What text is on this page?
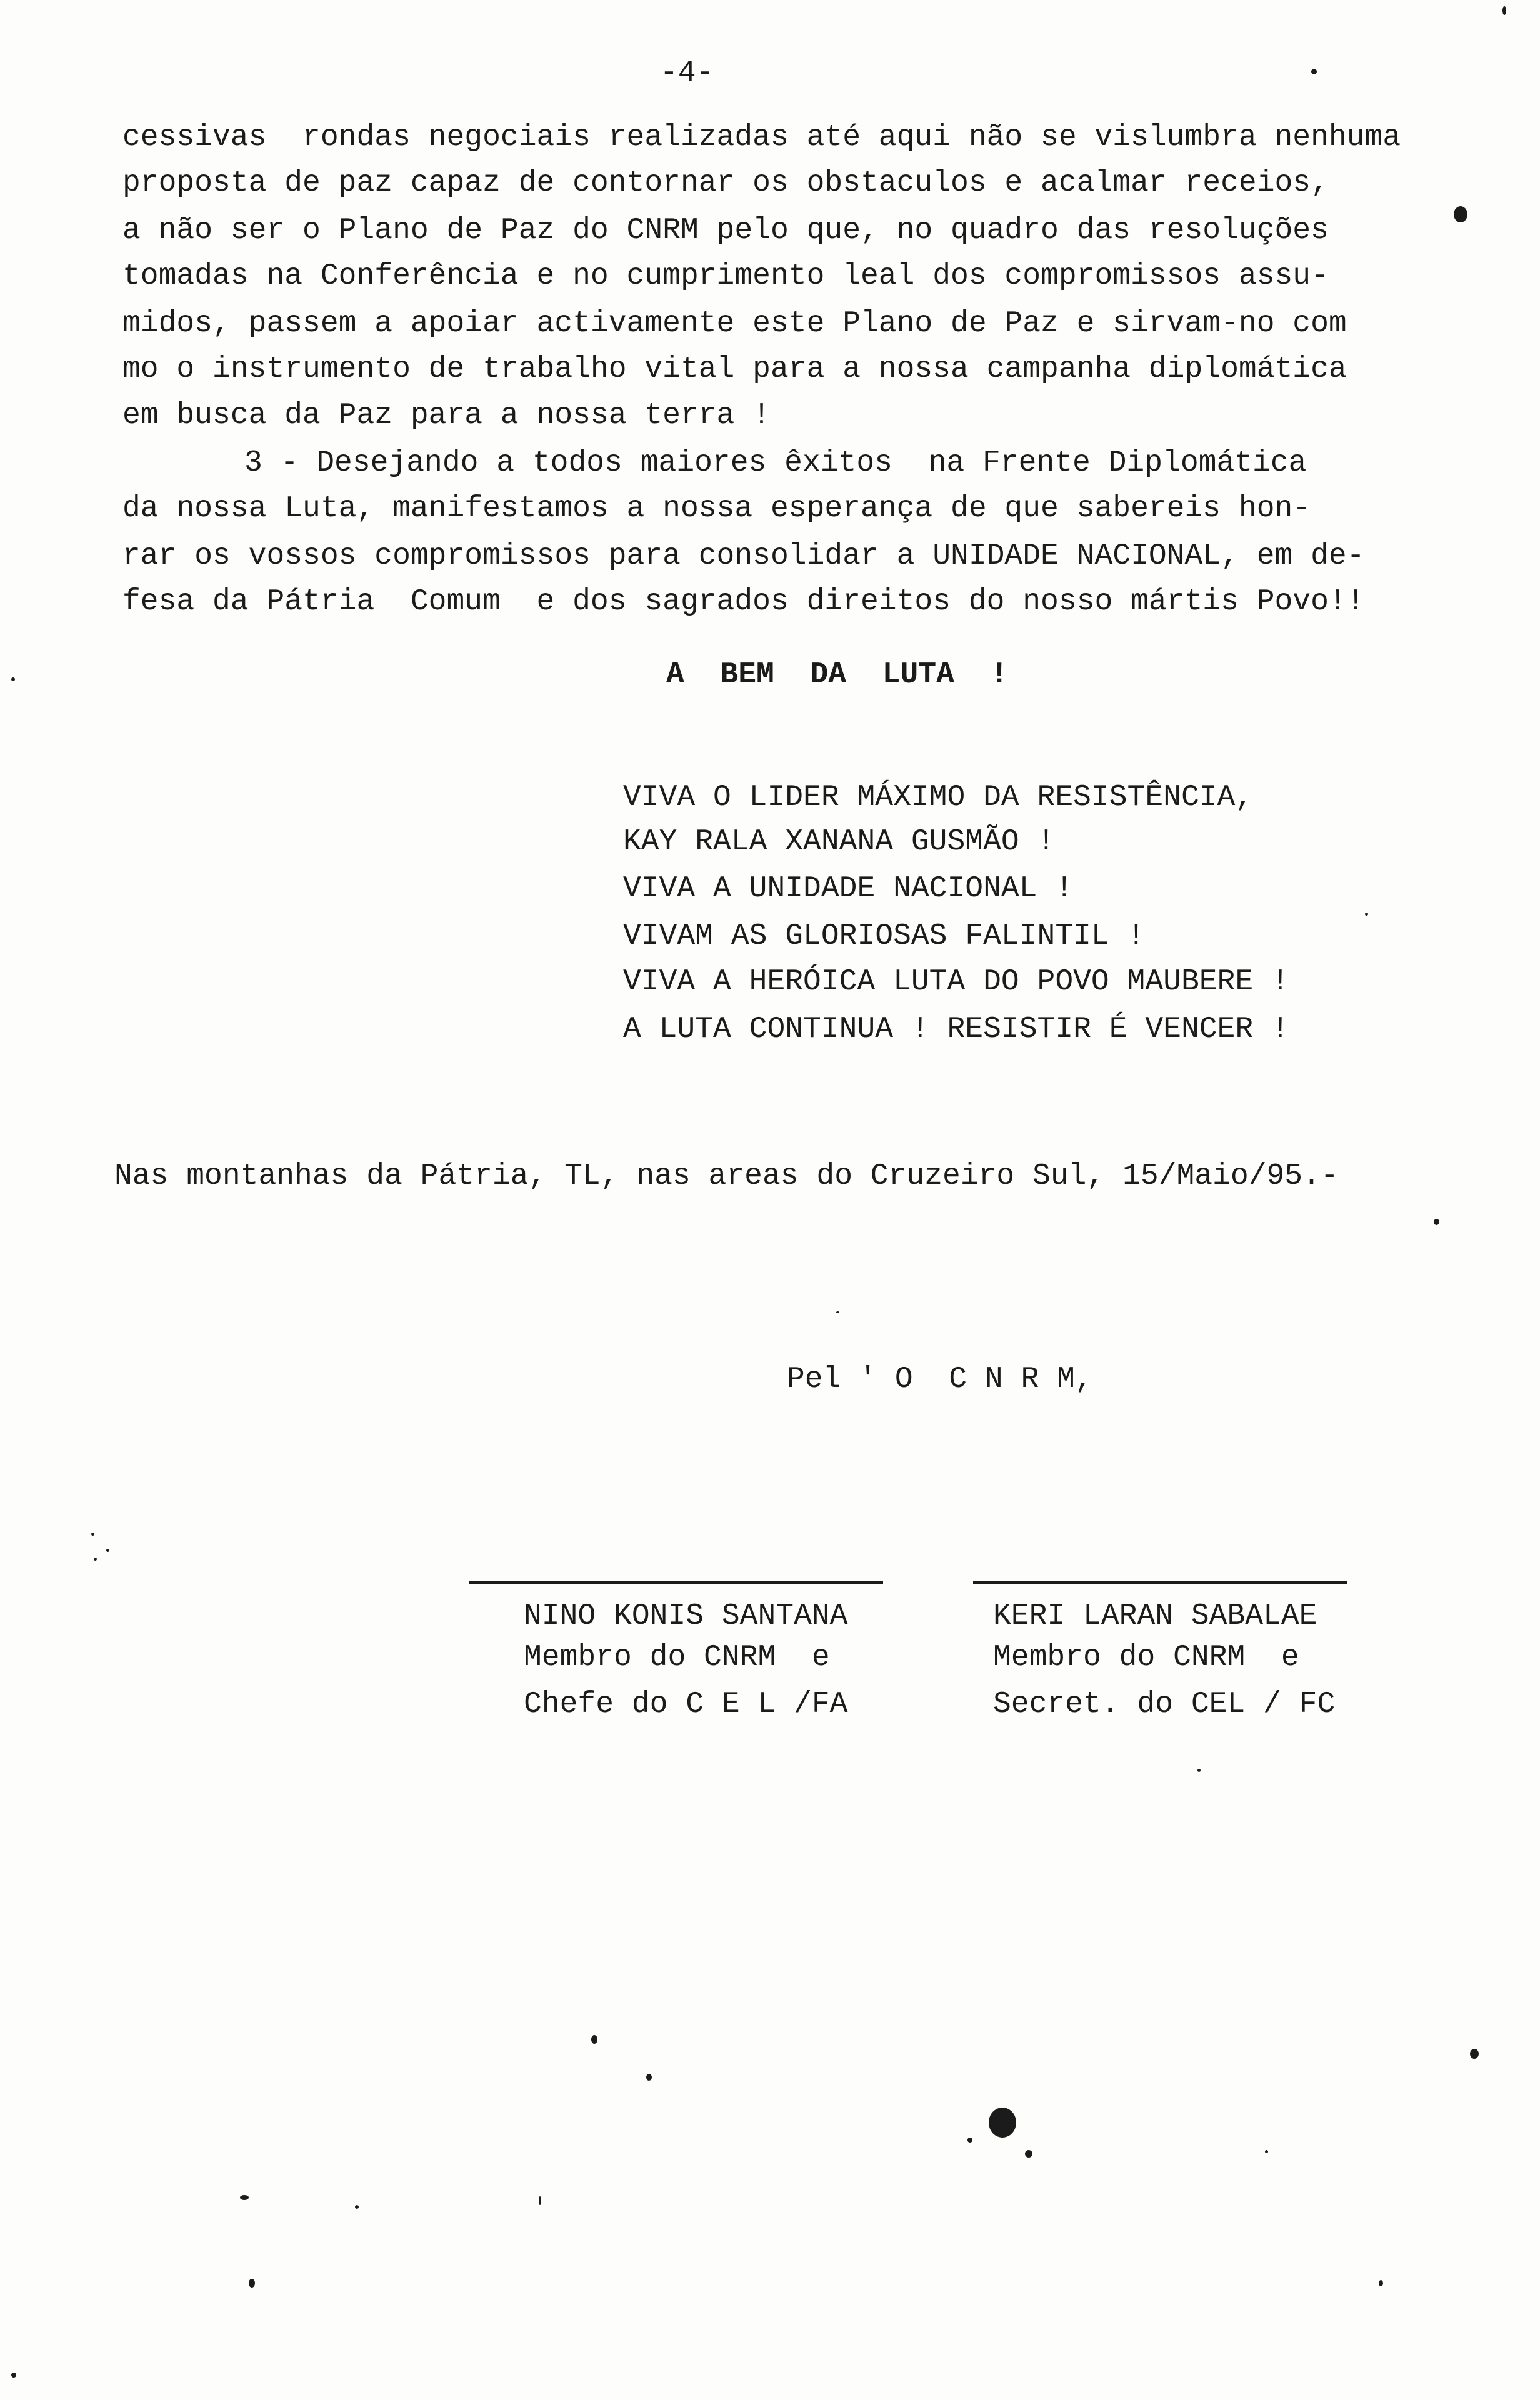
-4-
cessivas  rondas negociais realizadas até aqui não se vislumbra nenhuma
proposta de paz capaz de contornar os obstaculos e acalmar receios,
a não ser o Plano de Paz do CNRM pelo que, no quadro das resoluções
tomadas na Conferência e no cumprimento leal dos compromissos assu-
midos, passem a apoiar activamente este Plano de Paz e sirvam-no com
mo o instrumento de trabalho vital para a nossa campanha diplomática
em busca da Paz para a nossa terra !
3 - Desejando a todos maiores êxitos  na Frente Diplomática
da nossa Luta, manifestamos a nossa esperança de que sabereis hon-
rar os vossos compromissos para consolidar a UNIDADE NACIONAL, em de-
fesa da Pátria  Comum  e dos sagrados direitos do nosso mártis Povo!!
A  BEM  DA  LUTA  !
VIVA O LIDER MÁXIMO DA RESISTÊNCIA,
KAY RALA XANANA GUSMÃO !
VIVA A UNIDADE NACIONAL !
VIVAM AS GLORIOSAS FALINTIL !
VIVA A HERÓICA LUTA DO POVO MAUBERE !
A LUTA CONTINUA ! RESISTIR É VENCER !
Nas montanhas da Pátria, TL, nas areas do Cruzeiro Sul, 15/Maio/95.-
Pel ' O  C N R M,
NINO KONIS SANTANA
Membro do CNRM  e
Chefe do C E L /FA
KERI LARAN SABALAE
Membro do CNRM  e
Secret. do CEL / FC
